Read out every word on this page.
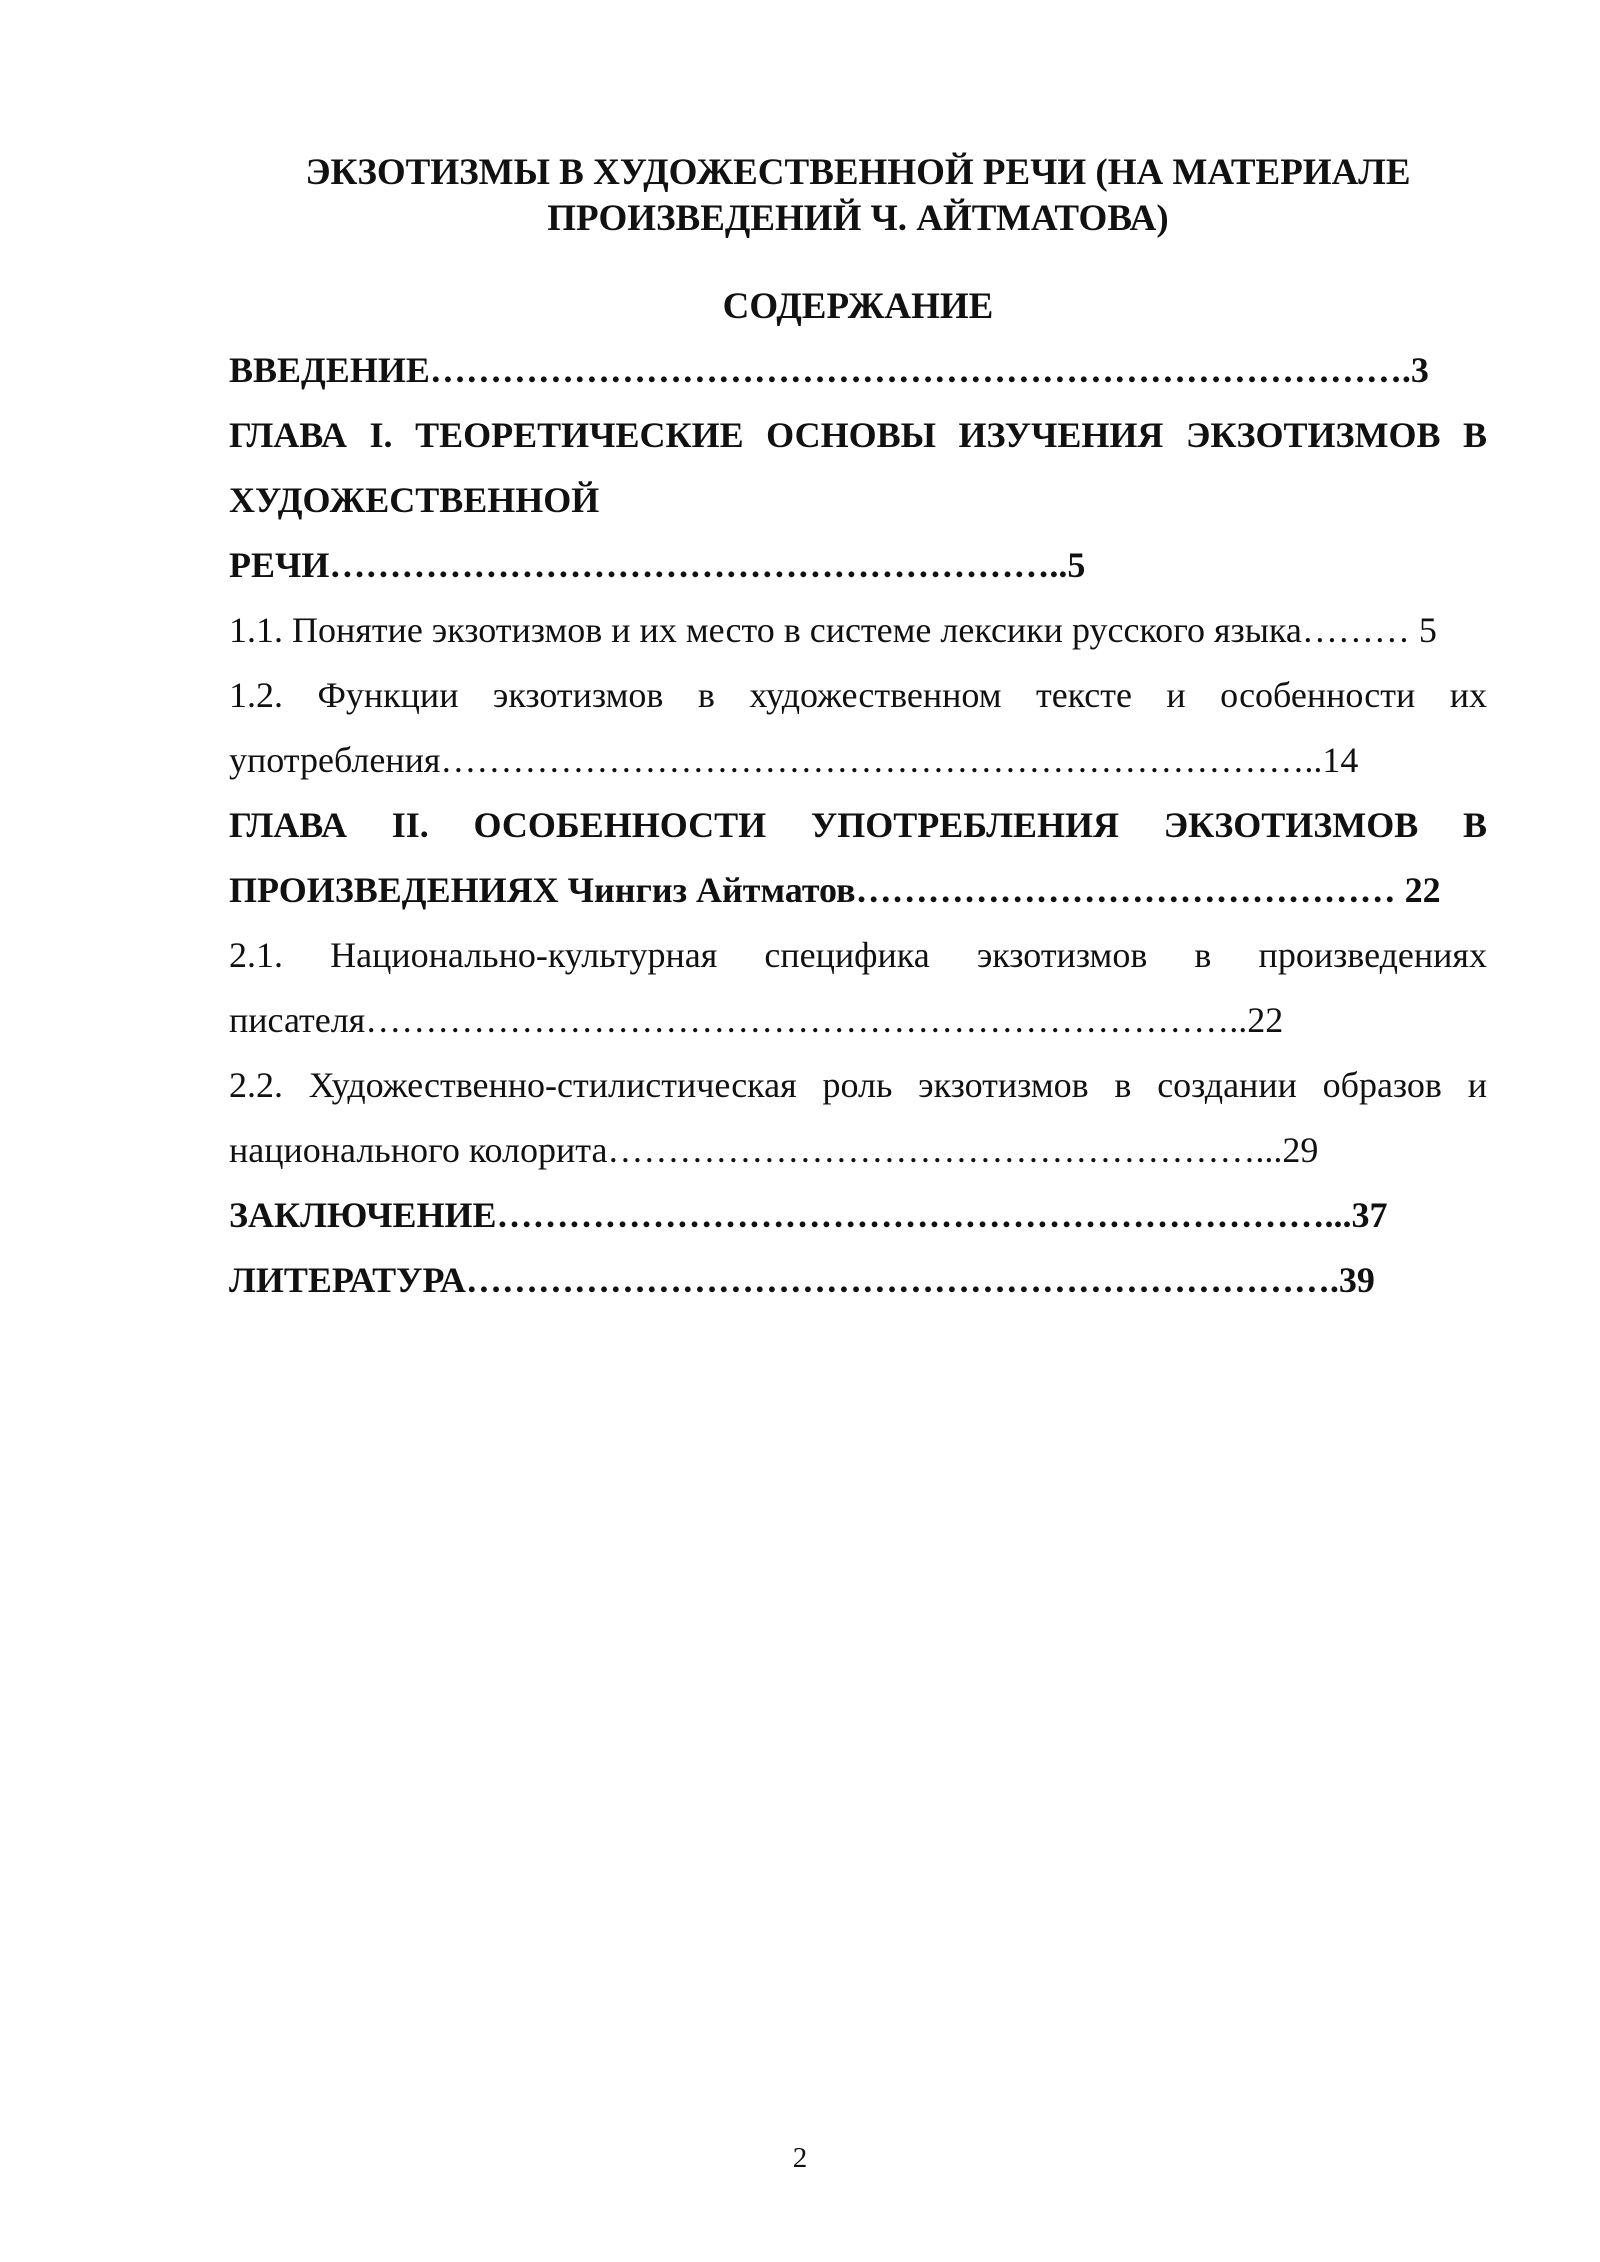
ЭКЗОТИЗМЫ В ХУДОЖЕСТВЕННОЙ РЕЧИ (НА МАТЕРИАЛЕ
ПРОИЗВЕДЕНИЙ Ч. АЙТМАТОВА)
СОДЕРЖАНИЕ

ВВЕДЕНИЕ……………………………………………………………………….3

ГЛАВА I. ТЕОРЕТИЧЕСКИЕ ОСНОВЫ ИЗУЧЕНИЯ ЭКЗОТИЗМОВ В ХУДОЖЕСТВЕННОЙ

РЕЧИ……………………………………………………..5

1.1. Понятие экзотизмов и их место в системе лексики русского языка……… 5

1.2. Функции экзотизмов в художественном тексте и особенности их употребления………………………………………………………………..14

ГЛАВА II. ОСОБЕННОСТИ УПОТРЕБЛЕНИЯ ЭКЗОТИЗМОВ В ПРОИЗВЕДЕНИЯХ Чингиз Айтматов……………………………………… 22

2.1. Национально-культурная специфика экзотизмов в произведениях писателя………………………………………………………………..22

2.2. Художественно-стилистическая роль экзотизмов в создании образов и национального колорита………………………………………………...29

ЗАКЛЮЧЕНИЕ……………………………………………………………...37

ЛИТЕРАТУРА……………………………………………………………….39

2
